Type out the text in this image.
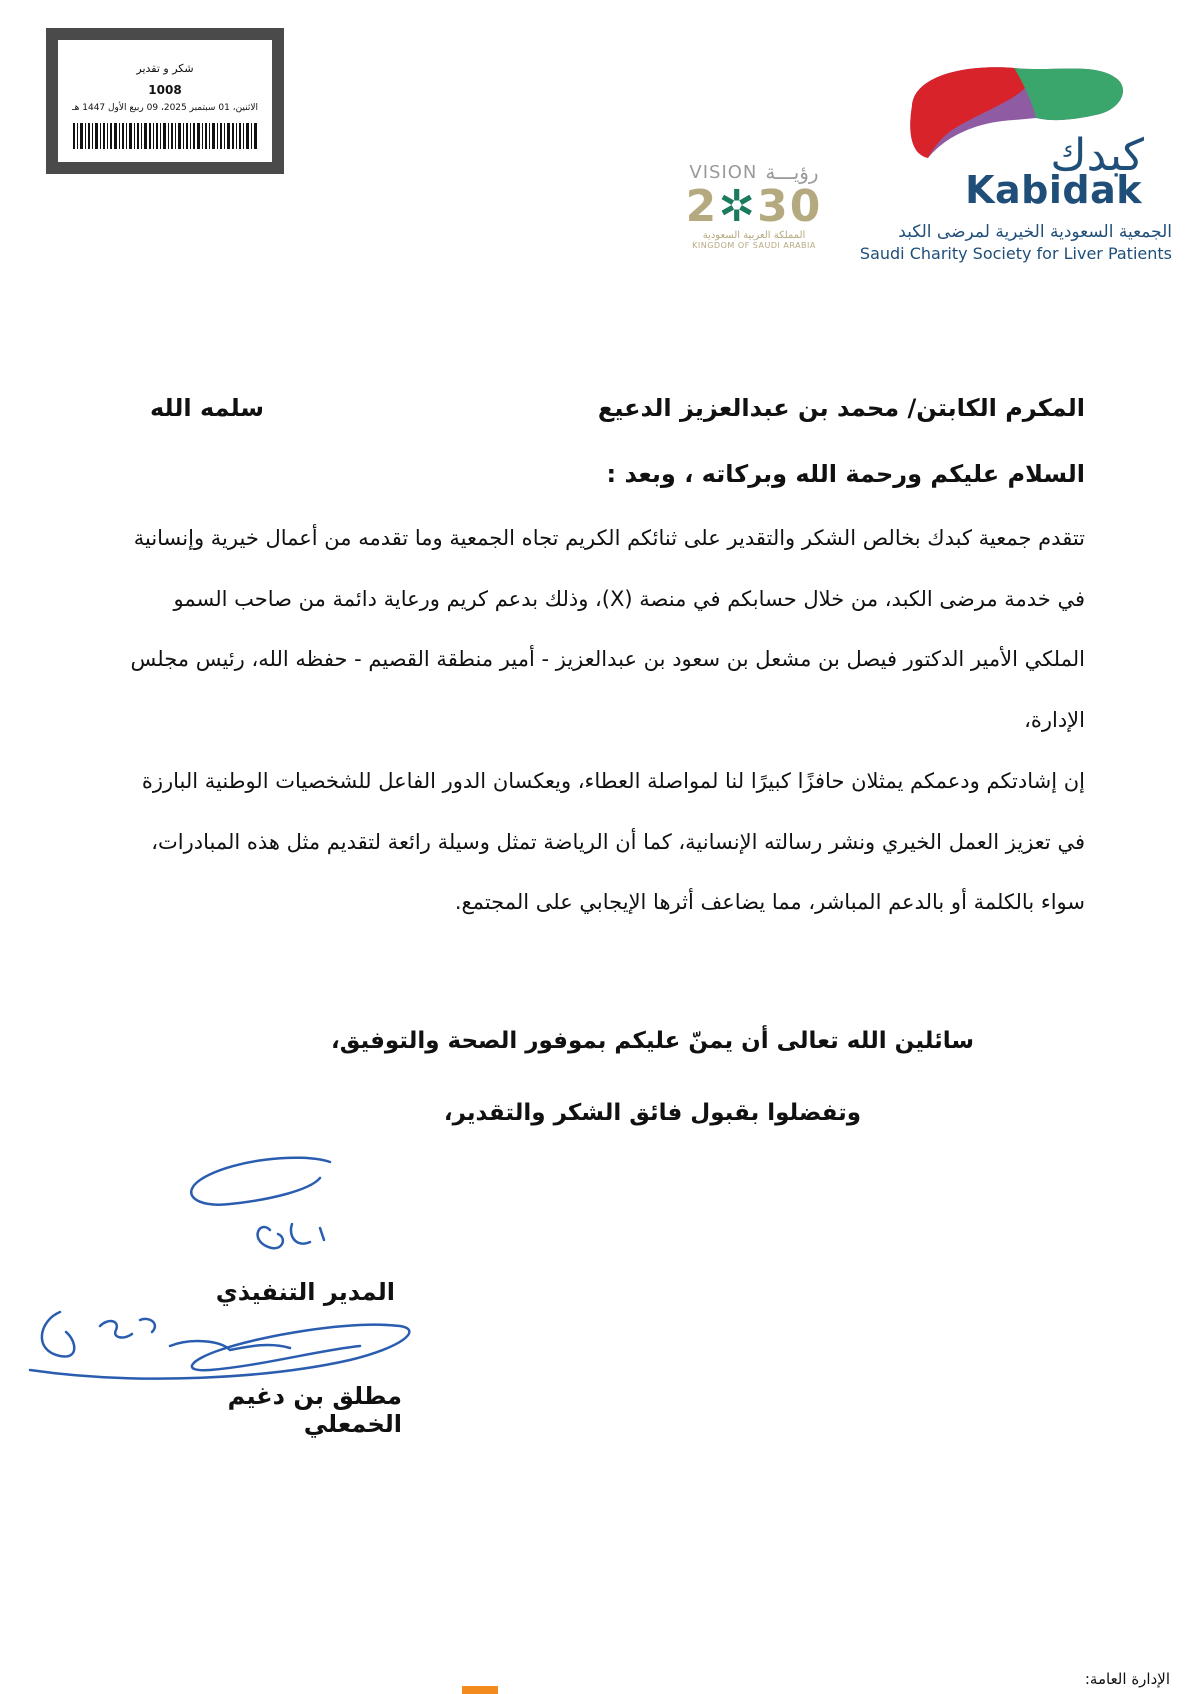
شكر و تقدير
1008
الاثنين، 01 سبتمبر 2025، 09 ربيع الأول 1447 هـ
VISION رؤيـــة
2✲30
المملكة العربية السعودية
KINGDOM OF SAUDI ARABIA
كبدك
Kabidak
الجمعية السعودية الخيرية لمرضى الكبد
Saudi Charity Society for Liver Patients
المكرم الكابتن/ محمد بن عبدالعزيز الدعيع
سلمه الله
السلام عليكم ورحمة الله وبركاته ، وبعد :
تتقدم جمعية كبدك بخالص الشكر والتقدير على ثنائكم الكريم تجاه الجمعية وما تقدمه من أعمال خيرية وإنسانية في خدمة مرضى الكبد، من خلال حسابكم في منصة (X)، وذلك بدعم كريم ورعاية دائمة من صاحب السمو الملكي الأمير الدكتور فيصل بن مشعل بن سعود بن عبدالعزيز - أمير منطقة القصيم - حفظه الله، رئيس مجلس الإدارة،
إن إشادتكم ودعمكم يمثلان حافزًا كبيرًا لنا لمواصلة العطاء، ويعكسان الدور الفاعل للشخصيات الوطنية البارزة في تعزيز العمل الخيري ونشر رسالته الإنسانية، كما أن الرياضة تمثل وسيلة رائعة لتقديم مثل هذه المبادرات، سواء بالكلمة أو بالدعم المباشر، مما يضاعف أثرها الإيجابي على المجتمع.
سائلين الله تعالى أن يمنّ عليكم بموفور الصحة والتوفيق،
وتفضلوا بقبول فائق الشكر والتقدير،
المدير التنفيذي
مطلق بن دغيم الخمعلي
الإدارة العامة:
